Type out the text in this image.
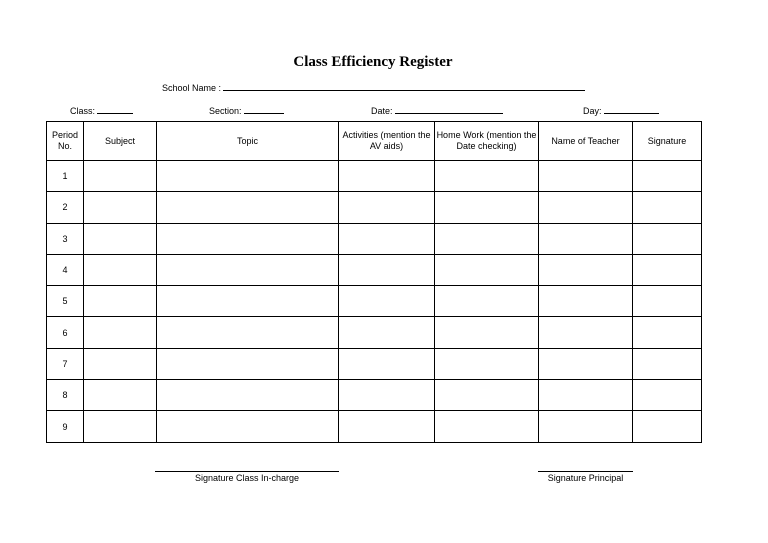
Class Efficiency Register
School Name :
Class:	Section:	Date:	Day:
Period No.	Subject	Topic	Activities (mention the AV aids)	Home Work (mention the Date checking)	Name of Teacher	Signature
1						
2						
3						
4						
5						
6						
7						
8						
9						
Signature Class In-charge	Signature Principal
